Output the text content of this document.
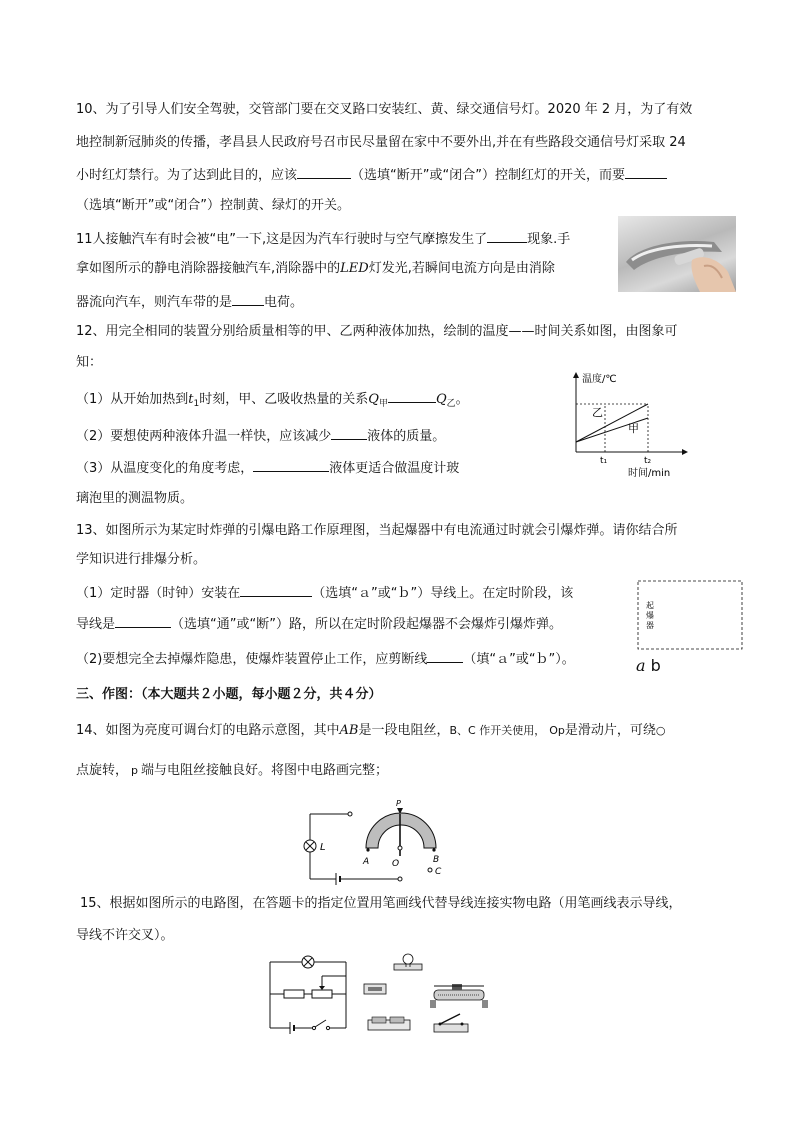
10、为了引导人们安全驾驶，交管部门要在交叉路口安装红、黄、绿交通信号灯。2020 年 2 月，为了有效
地控制新冠肺炎的传播，孝昌县人民政府号召市民尽量留在家中不要外出,并在有些路段交通信号灯采取 24
小时红灯禁行。为了达到此目的，应该	（选填“断开”或“闭合”）控制红灯的开关，而要
（选填“断开”或“闭合”）控制黄、绿灯的开关。
11人接触汽车有时会被“电”一下,这是因为汽车行驶时与空气摩擦发生了	现象.手
拿如图所示的静电消除器接触汽车,消除器中的LED灯发光,若瞬间电流方向是由消除
器流向汽车，则汽车带的是 电荷。
12、用完全相同的装置分别给质量相等的甲、乙两种液体加热，绘制的温度——时间关系如图，由图象可
知：
（1）从开始加热到$t_1$时刻，甲、乙吸收热量的关系$Q_甲$	$Q_乙$。
（2）要想使两种液体升温一样快，应该减少	液体的质量。
（3）从温度变化的角度考虑，	液体更适合做温度计玻
璃泡里的测温物质。
温度/℃
乙
甲
t₁	t₂
时间/min
13、如图所示为某定时炸弹的引爆电路工作原理图，当起爆器中有电流通过时就会引爆炸弹。请你结合所
学知识进行排爆分析。
（1）定时器（时钟）安装在	（选填“ａ”或“ｂ”）导线上。在定时阶段，该
导线是	（选填“通”或“断”）路，所以在定时阶段起爆器不会爆炸引爆炸弹。
（2)要想完全去掉爆炸隐患，使爆炸装置停止工作，应剪断线	（填“ａ”或“ｂ”）。
起
爆
器
a b
三、作图：（本大题共２小题，每小题２分，共４分）
14、如图为亮度可调台灯的电路示意图，其中AB是一段电阻丝，B、C 作开关使用， Op是滑动片，可绕○
点旋转， p 端与电阻丝接触良好。将图中电路画完整；
L
P
O
A	B
C
15、根据如图所示的电路图，在答题卡的指定位置用笔画线代替导线连接实物电路（用笔画线表示导线，
导线不许交叉）。
